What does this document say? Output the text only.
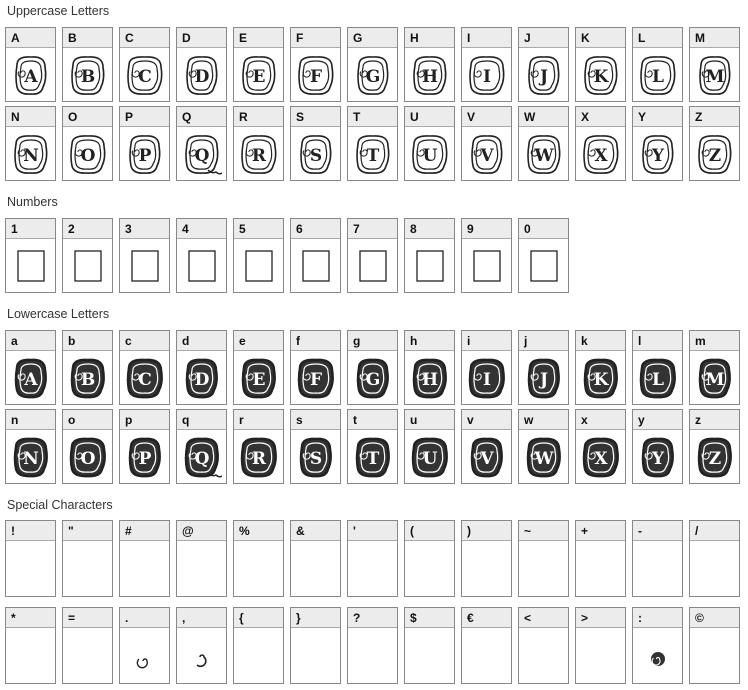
Uppercase Letters
A
A
B
B
C
C
D
D
E
E
F
F
G
G
H
H
I
I
J
J
K
K
L
L
M
M
N
N
O
O
P
P
Q
Q
R
R
S
S
T
T
U
U
V
V
W
W
X
X
Y
Y
Z
Z
Numbers
1	2	3	4	5	6	7	8	9	0
Lowercase Letters
a
A
b
B
c
C
d
D
e
E
f
F
g
G
h
H
i
I
j
J
k
K
l
L
m
M
n
N
o
O
p
P
q
Q
r
R
s
S
t
T
u
U
v
V
w
W
x
X
y
Y
z
Z
Special Characters
!	"	#	@	%	&	'	(	)	~	+	-	/
*	=	.	,	{	}	?	$	€	<	>	:	©
